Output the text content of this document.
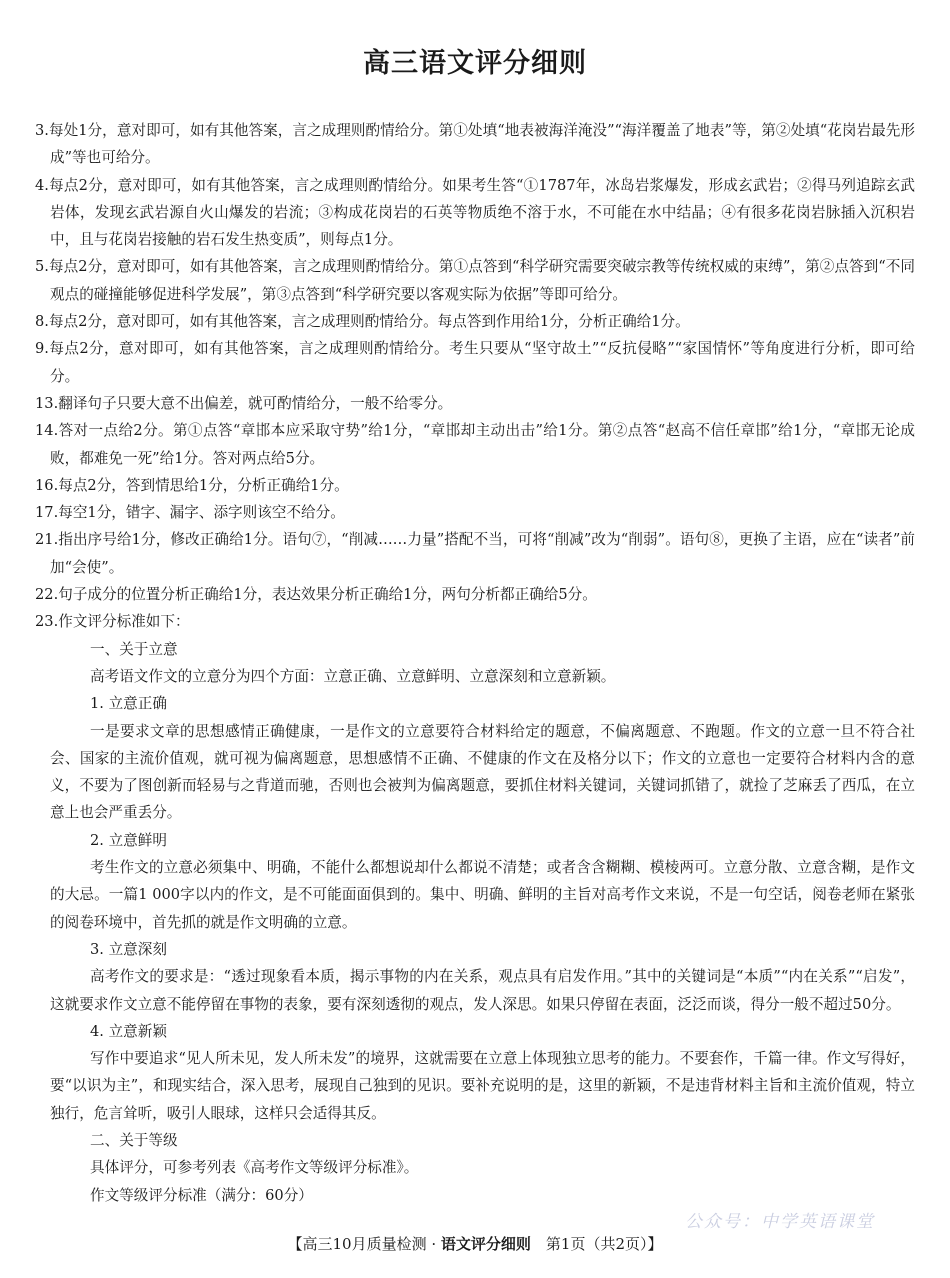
高三语文评分细则
3.每处1分，意对即可，如有其他答案，言之成理则酌情给分。第①处填“地表被海洋淹没”“海洋覆盖了地表”等，第②处填“花岗岩最先形成”等也可给分。
4.每点2分，意对即可，如有其他答案，言之成理则酌情给分。如果考生答“①1787年，冰岛岩浆爆发，形成玄武岩；②得马列追踪玄武岩体，发现玄武岩源自火山爆发的岩流；③构成花岗岩的石英等物质绝不溶于水，不可能在水中结晶；④有很多花岗岩脉插入沉积岩中，且与花岗岩接触的岩石发生热变质”，则每点1分。
5.每点2分，意对即可，如有其他答案，言之成理则酌情给分。第①点答到“科学研究需要突破宗教等传统权威的束缚”，第②点答到“不同观点的碰撞能够促进科学发展”，第③点答到“科学研究要以客观实际为依据”等即可给分。
8.每点2分，意对即可，如有其他答案，言之成理则酌情给分。每点答到作用给1分，分析正确给1分。
9.每点2分，意对即可，如有其他答案，言之成理则酌情给分。考生只要从“坚守故土”“反抗侵略”“家国情怀”等角度进行分析，即可给分。
13.翻译句子只要大意不出偏差，就可酌情给分，一般不给零分。
14.答对一点给2分。第①点答“章邯本应采取守势”给1分，“章邯却主动出击”给1分。第②点答“赵高不信任章邯”给1分，“章邯无论成败，都难免一死”给1分。答对两点给5分。
16.每点2分，答到情思给1分，分析正确给1分。
17.每空1分，错字、漏字、添字则该空不给分。
21.指出序号给1分，修改正确给1分。语句⑦，“削减……力量”搭配不当，可将“削减”改为“削弱”。语句⑧，更换了主语，应在“读者”前加“会使”。
22.句子成分的位置分析正确给1分，表达效果分析正确给1分，两句分析都正确给5分。
23.作文评分标准如下：
一、关于立意
高考语文作文的立意分为四个方面：立意正确、立意鲜明、立意深刻和立意新颖。
1. 立意正确
一是要求文章的思想感情正确健康，一是作文的立意要符合材料给定的题意，不偏离题意、不跑题。作文的立意一旦不符合社会、国家的主流价值观，就可视为偏离题意，思想感情不正确、不健康的作文在及格分以下；作文的立意也一定要符合材料内含的意义，不要为了图创新而轻易与之背道而驰，否则也会被判为偏离题意，要抓住材料关键词，关键词抓错了，就捡了芝麻丢了西瓜，在立意上也会严重丢分。
2. 立意鲜明
考生作文的立意必须集中、明确，不能什么都想说却什么都说不清楚；或者含含糊糊、模棱两可。立意分散、立意含糊，是作文的大忌。一篇1 000字以内的作文，是不可能面面俱到的。集中、明确、鲜明的主旨对高考作文来说，不是一句空话，阅卷老师在紧张的阅卷环境中，首先抓的就是作文明确的立意。
3. 立意深刻
高考作文的要求是：“透过现象看本质，揭示事物的内在关系，观点具有启发作用。”其中的关键词是“本质”“内在关系”“启发”，这就要求作文立意不能停留在事物的表象，要有深刻透彻的观点，发人深思。如果只停留在表面，泛泛而谈，得分一般不超过50分。
4. 立意新颖
写作中要追求“见人所未见，发人所未发”的境界，这就需要在立意上体现独立思考的能力。不要套作，千篇一律。作文写得好，要“以识为主”，和现实结合，深入思考，展现自己独到的见识。要补充说明的是，这里的新颖，不是违背材料主旨和主流价值观，特立独行，危言耸听，吸引人眼球，这样只会适得其反。
二、关于等级
具体评分，可参考列表《高考作文等级评分标准》。
作文等级评分标准（满分：60分）
公众号：中学英语课堂
【高三10月质量检测 · 语文评分细则　第1页（共2页）】
